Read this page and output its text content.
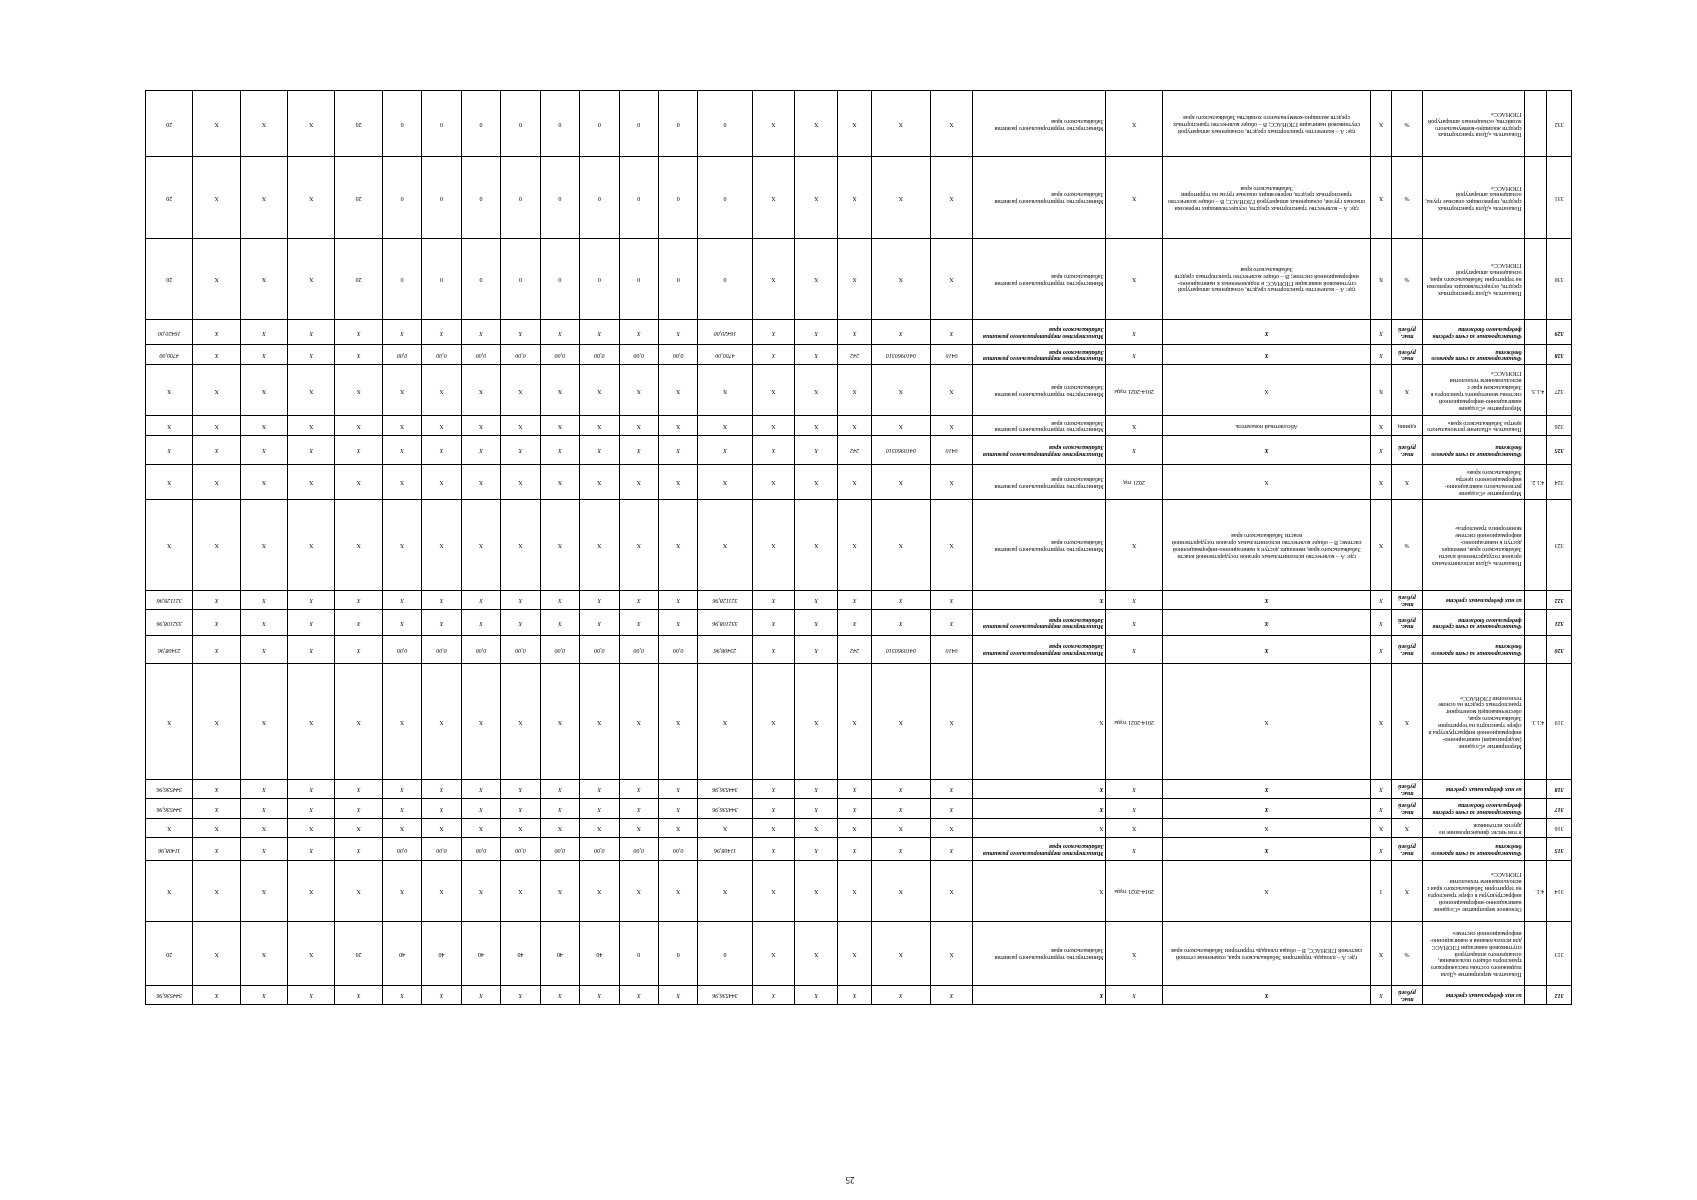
312		из них федеральных средств	тыс. рублей	X	X	X	X	X	X	X	X	X	344536,96	X	X	X	X	X	X	X	X	X	X	X	X	344536,96
313		Показатель мероприятия «Доля подвижного состава пассажирского транспорта общего пользования, оснащенного аппаратурой спутниковой навигации ГЛОНАСС для использования в навигационно-информационной системе»	%	X	где: А – площадь территории Забайкальского края, охваченная сетевой системой ГЛОНАСС, В – общая площадь территории Забайкальского края	X	Министерство территориального развития Забайкальского края	X	X	X	X	X	0	0	0	40	40	40	40	40	40	20	X	X	X	20
314	4.1.	Основное мероприятие «Создание навигационно-информационной инфраструктуры в сфере транспорта на территории Забайкальского края с использованием технологии ГЛОНАСС»	X	1	X	2014-2021 годы	X	X	X	X	X	X	X	X	X	X	X	X	X	X	X	X	X	X	X	X
315		Финансирование за счет краевого бюджета	тыс. рублей	X	X	X	Министерство территориального развития Забайкальского края	X	X	X	X	X	11408,96	0,00	0,00	0,00	0,00	0,00	0,00	0,00	0,00	X	X	X	X	11408,96
316		в том числе: финансирование из других источников	X	X	X	X	X	X	X	X	X	X	X	X	X	X	X	X	X	X	X	X	X	X	X	X
317		Финансирование за счет средств федерального бюджета	тыс. рублей	X	X	X	X	X	X	X	X	X	344536,96	X	X	X	X	X	X	X	X	X	X	X	X	344536,96
318		из них федеральных средств	тыс. рублей	X	X	X	X	X	X	X	X	X	344536,96	X	X	X	X	X	X	X	X	X	X	X	X	344536,96
319	4.1.1.	Мероприятие «Создание (модернизация) навигационно-информационной инфраструктуры в сфере транспорта на территории Забайкальского края, обеспечивающей мониторинг транспортных средств на основе технологии ГЛОНАСС»	X	X	X	2014-2021 годы	X	X	X	X	X	X	X	X	X	X	X	X	X	X	X	X	X	X	X	X
320		Финансирование за счет краевого бюджета	тыс. рублей	X	X	X	Министерство территориального развития Забайкальского края	0410	0410960310	242	X	X	23408,96	0,00	0,00	0,00	0,00	0,00	0,00	0,00	0,00	X	X	X	X	23408,96
321		Финансирование за счет средств федерального бюджета	тыс. рублей	X	X	X	Министерство территориального развития Забайкальского края	X	X	X	X	X	332108,96	X	X	X	X	X	X	X	X	X	X	X	X	332108,96
322		из них федеральных средств	тыс. рублей	X	X	X	X	X	X	X	X	X	321128,96	X	X	X	X	X	X	X	X	X	X	X	X	321128,96
323		Показатель «Доля исполнительных органов государственной власти Забайкальского края, имеющих доступ к навигационно-информационной системе мониторинга транспорта»	%	X	где: А – количество исполнительных органов государственной власти Забайкальского края, имеющих доступ к навигационно-информационной системе; В – общее количество исполнительных органов государственной власти Забайкальского края	X	Министерство территориального развития Забайкальского края	X	X	X	X	X	X	X	X	X	X	X	X	X	X	X	X	X	X	X
324	4.1.2.	Мероприятие «Создание регионального навигационно-информационного центра Забайкальского края»	X	X	X	2021 год	Министерство территориального развития Забайкальского края	X	X	X	X	X	X	X	X	X	X	X	X	X	X	X	X	X	X	X
325		Финансирование за счет краевого бюджета	тыс. рублей	X	X	X	Министерство территориального развития Забайкальского края	0410	0410960310	242	X	X	X	X	X	X	X	X	X	X	X	X	X	X	X	X
326		Показатель «Наличие регионального центра Забайкальского края»	единиц	X	Абсолютный показатель	X	Министерство территориального развития Забайкальского края	X	X	X	X	X	X	X	X	X	X	X	X	X	X	X	X	X	X	X
327	4.1.3.	Мероприятие «Создание навигационно-информационной системы мониторинга транспорта в Забайкальском крае с использованием технологии ГЛОНАСС»	X	X	X	2014-2021 годы	Министерство территориального развития Забайкальского края	X	X	X	X	X	X	X	X	X	X	X	X	X	X	X	X	X	X	X
328		Финансирование за счет краевого бюджета	тыс. рублей	X	X	X	Министерство территориального развития Забайкальского края	0410	0410960310	242	X	X	4700,00	0,00	0,00	0,00	0,00	0,00	0,00	0,00	0,00	X	X	X	X	4700,00
329		Финансирование за счет средств федерального бюджета	тыс. рублей	X	X	X	Министерство территориального развития Забайкальского края	X	X	X	X	X	16420,00	X	X	X	X	X	X	X	X	X	X	X	X	16420,00
330		Показатель «Доля транспортных средств, осуществляющих перевозки на территории Забайкальского края, оснащенных аппаратурой ГЛОНАСС»	%	X	где: А – количество транспортных средств, оснащенных аппаратурой спутниковой навигации ГЛОНАСС и подключенных к навигационно-информационной системе; В – общее количество транспортных средств Забайкальского края	X	Министерство территориального развития Забайкальского края	X	X	X	X	X	0	0	0	0	0	0	0	0	0	20	X	X	X	20
331		Показатель «Доля транспортных средств, перевозящих опасные грузы, оснащенных аппаратурой ГЛОНАСС»	%	X	где: А – количество транспортных средств, осуществляющих перевозки опасных грузов, оснащенных аппаратурой ГЛОНАСС; В – общее количество транспортных средств, перевозящих опасные грузы на территории Забайкальского края	X	Министерство территориального развития Забайкальского края	X	X	X	X	X	0	0	0	0	0	0	0	0	0	20	X	X	X	20
332		Показатель «Доля транспортных средств жилищно-коммунального хозяйства, оснащенных аппаратурой ГЛОНАСС»	%	X	где: А – количество транспортных средств, оснащенных аппаратурой спутниковой навигации ГЛОНАСС; В – общее количество транспортных средств жилищно-коммунального хозяйства Забайкальского края	X	Министерство территориального развития Забайкальского края	X	X	X	X	X	0	0	0	0	0	0	0	0	0	20	X	X	X	20
25
